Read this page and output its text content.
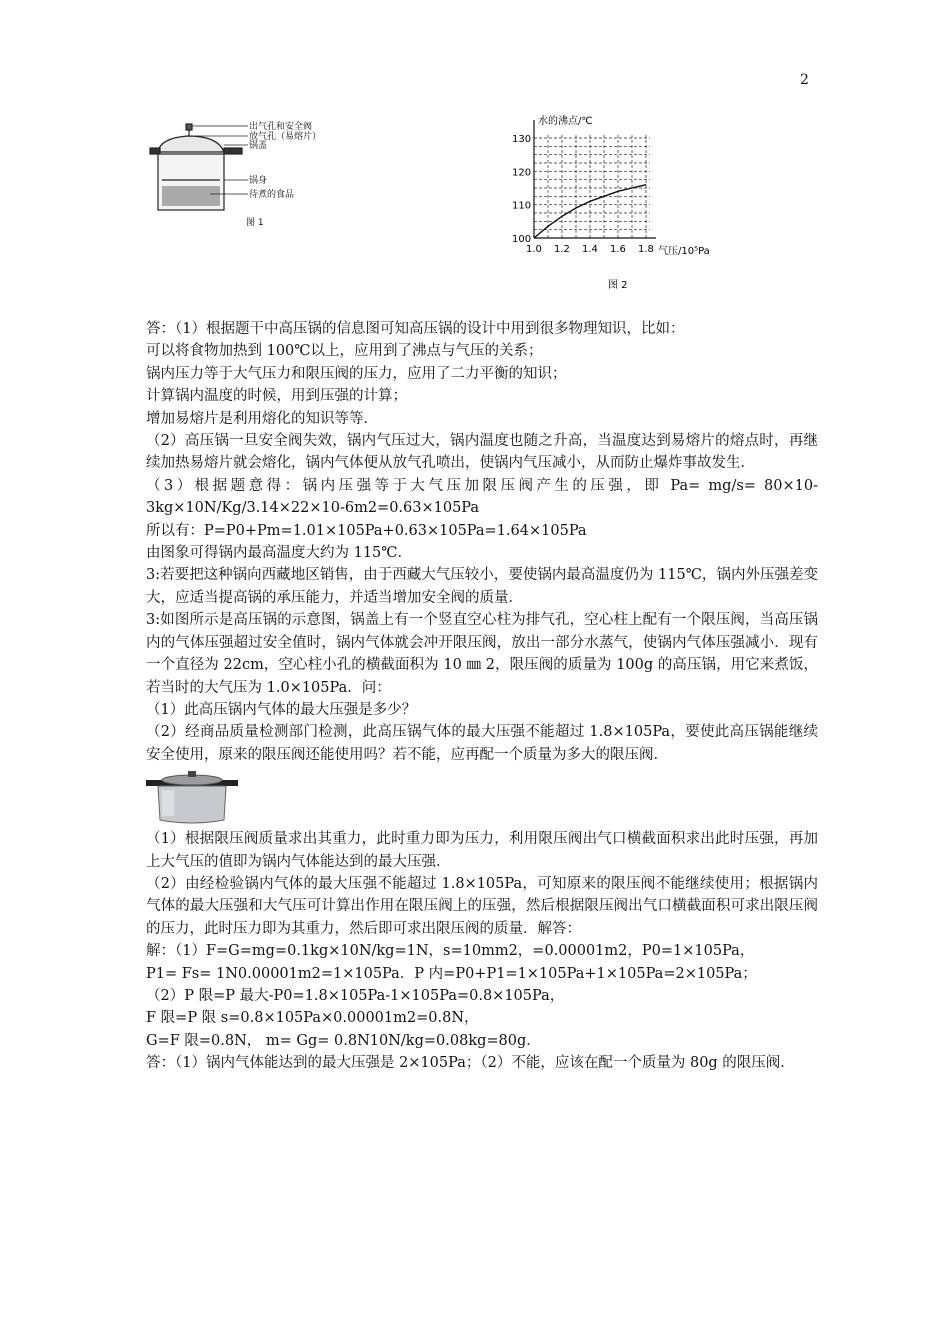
2
出气孔和安全阀
放气孔（易熔片）
锅盖
锅身
待煮的食品
图 1
130
120
110
100
1.0 1.2 1.4 1.6 1.8
水的沸点/℃
气压/10⁵Pa
图 2

答：（1）根据题干中高压锅的信息图可知高压锅的设计中用到很多物理知识，比如：

可以将食物加热到 100℃以上，应用到了沸点与气压的关系；

锅内压力等于大气压力和限压阀的压力，应用了二力平衡的知识；

计算锅内温度的时候，用到压强的计算；

增加易熔片是利用熔化的知识等等．

（2）高压锅一旦安全阀失效，锅内气压过大，锅内温度也随之升高，当温度达到易熔片的熔点时，再继续加热易熔片就会熔化，锅内气体便从放气孔喷出，使锅内气压减小，从而防止爆炸事故发生．

（3）根据题意得：锅内压强等于大气压加限压阀产生的压强，即 Pa= mg/s= 80×10-3kg×10N/Kg/3.14×22×10-6m2=0.63×105Pa

所以有：P=P0+Pm=1.01×105Pa+0.63×105Pa=1.64×105Pa

由图象可得锅内最高温度大约为 115℃．

3:若要把这种锅向西藏地区销售，由于西藏大气压较小，要使锅内最高温度仍为 115℃，锅内外压强差变大，应适当提高锅的承压能力，并适当增加安全阀的质量．

3:如图所示是高压锅的示意图，锅盖上有一个竖直空心柱为排气孔，空心柱上配有一个限压阀，当高压锅内的气体压强超过安全值时，锅内气体就会冲开限压阀，放出一部分水蒸气，使锅内气体压强减小．现有一个直径为 22cm，空心柱小孔的横截面积为 10 ㎜ 2，限压阀的质量为 100g 的高压锅，用它来煮饭，若当时的大气压为 1.0×105Pa．问：

（1）此高压锅内气体的最大压强是多少？

（2）经商品质量检测部门检测，此高压锅气体的最大压强不能超过 1.8×105Pa，要使此高压锅能继续安全使用，原来的限压阀还能使用吗？若不能，应再配一个质量为多大的限压阀．

（1）根据限压阀质量求出其重力，此时重力即为压力，利用限压阀出气口横截面积求出此时压强，再加上大气压的值即为锅内气体能达到的最大压强．

（2）由经检验锅内气体的最大压强不能超过 1.8×105Pa，可知原来的限压阀不能继续使用；根据锅内气体的最大压强和大气压可计算出作用在限压阀上的压强，然后根据限压阀出气口横截面积可求出限压阀的压力，此时压力即为其重力，然后即可求出限压阀的质量．解答：

解：（1）F=G=mg=0.1kg×10N/kg=1N，s=10mm2，=0.00001m2，P0=1×105Pa，

P1= Fs= 1N0.00001m2=1×105Pa．P 内=P0+P1=1×105Pa+1×105Pa=2×105Pa；

（2）P 限=P 最大-P0=1.8×105Pa-1×105Pa=0.8×105Pa，

F 限=P 限 s=0.8×105Pa×0.00001m2=0.8N，

G=F 限=0.8N， m= Gg= 0.8N10N/kg=0.08kg=80g．

答：（1）锅内气体能达到的最大压强是 2×105Pa；（2）不能，应该在配一个质量为 80g 的限压阀．
